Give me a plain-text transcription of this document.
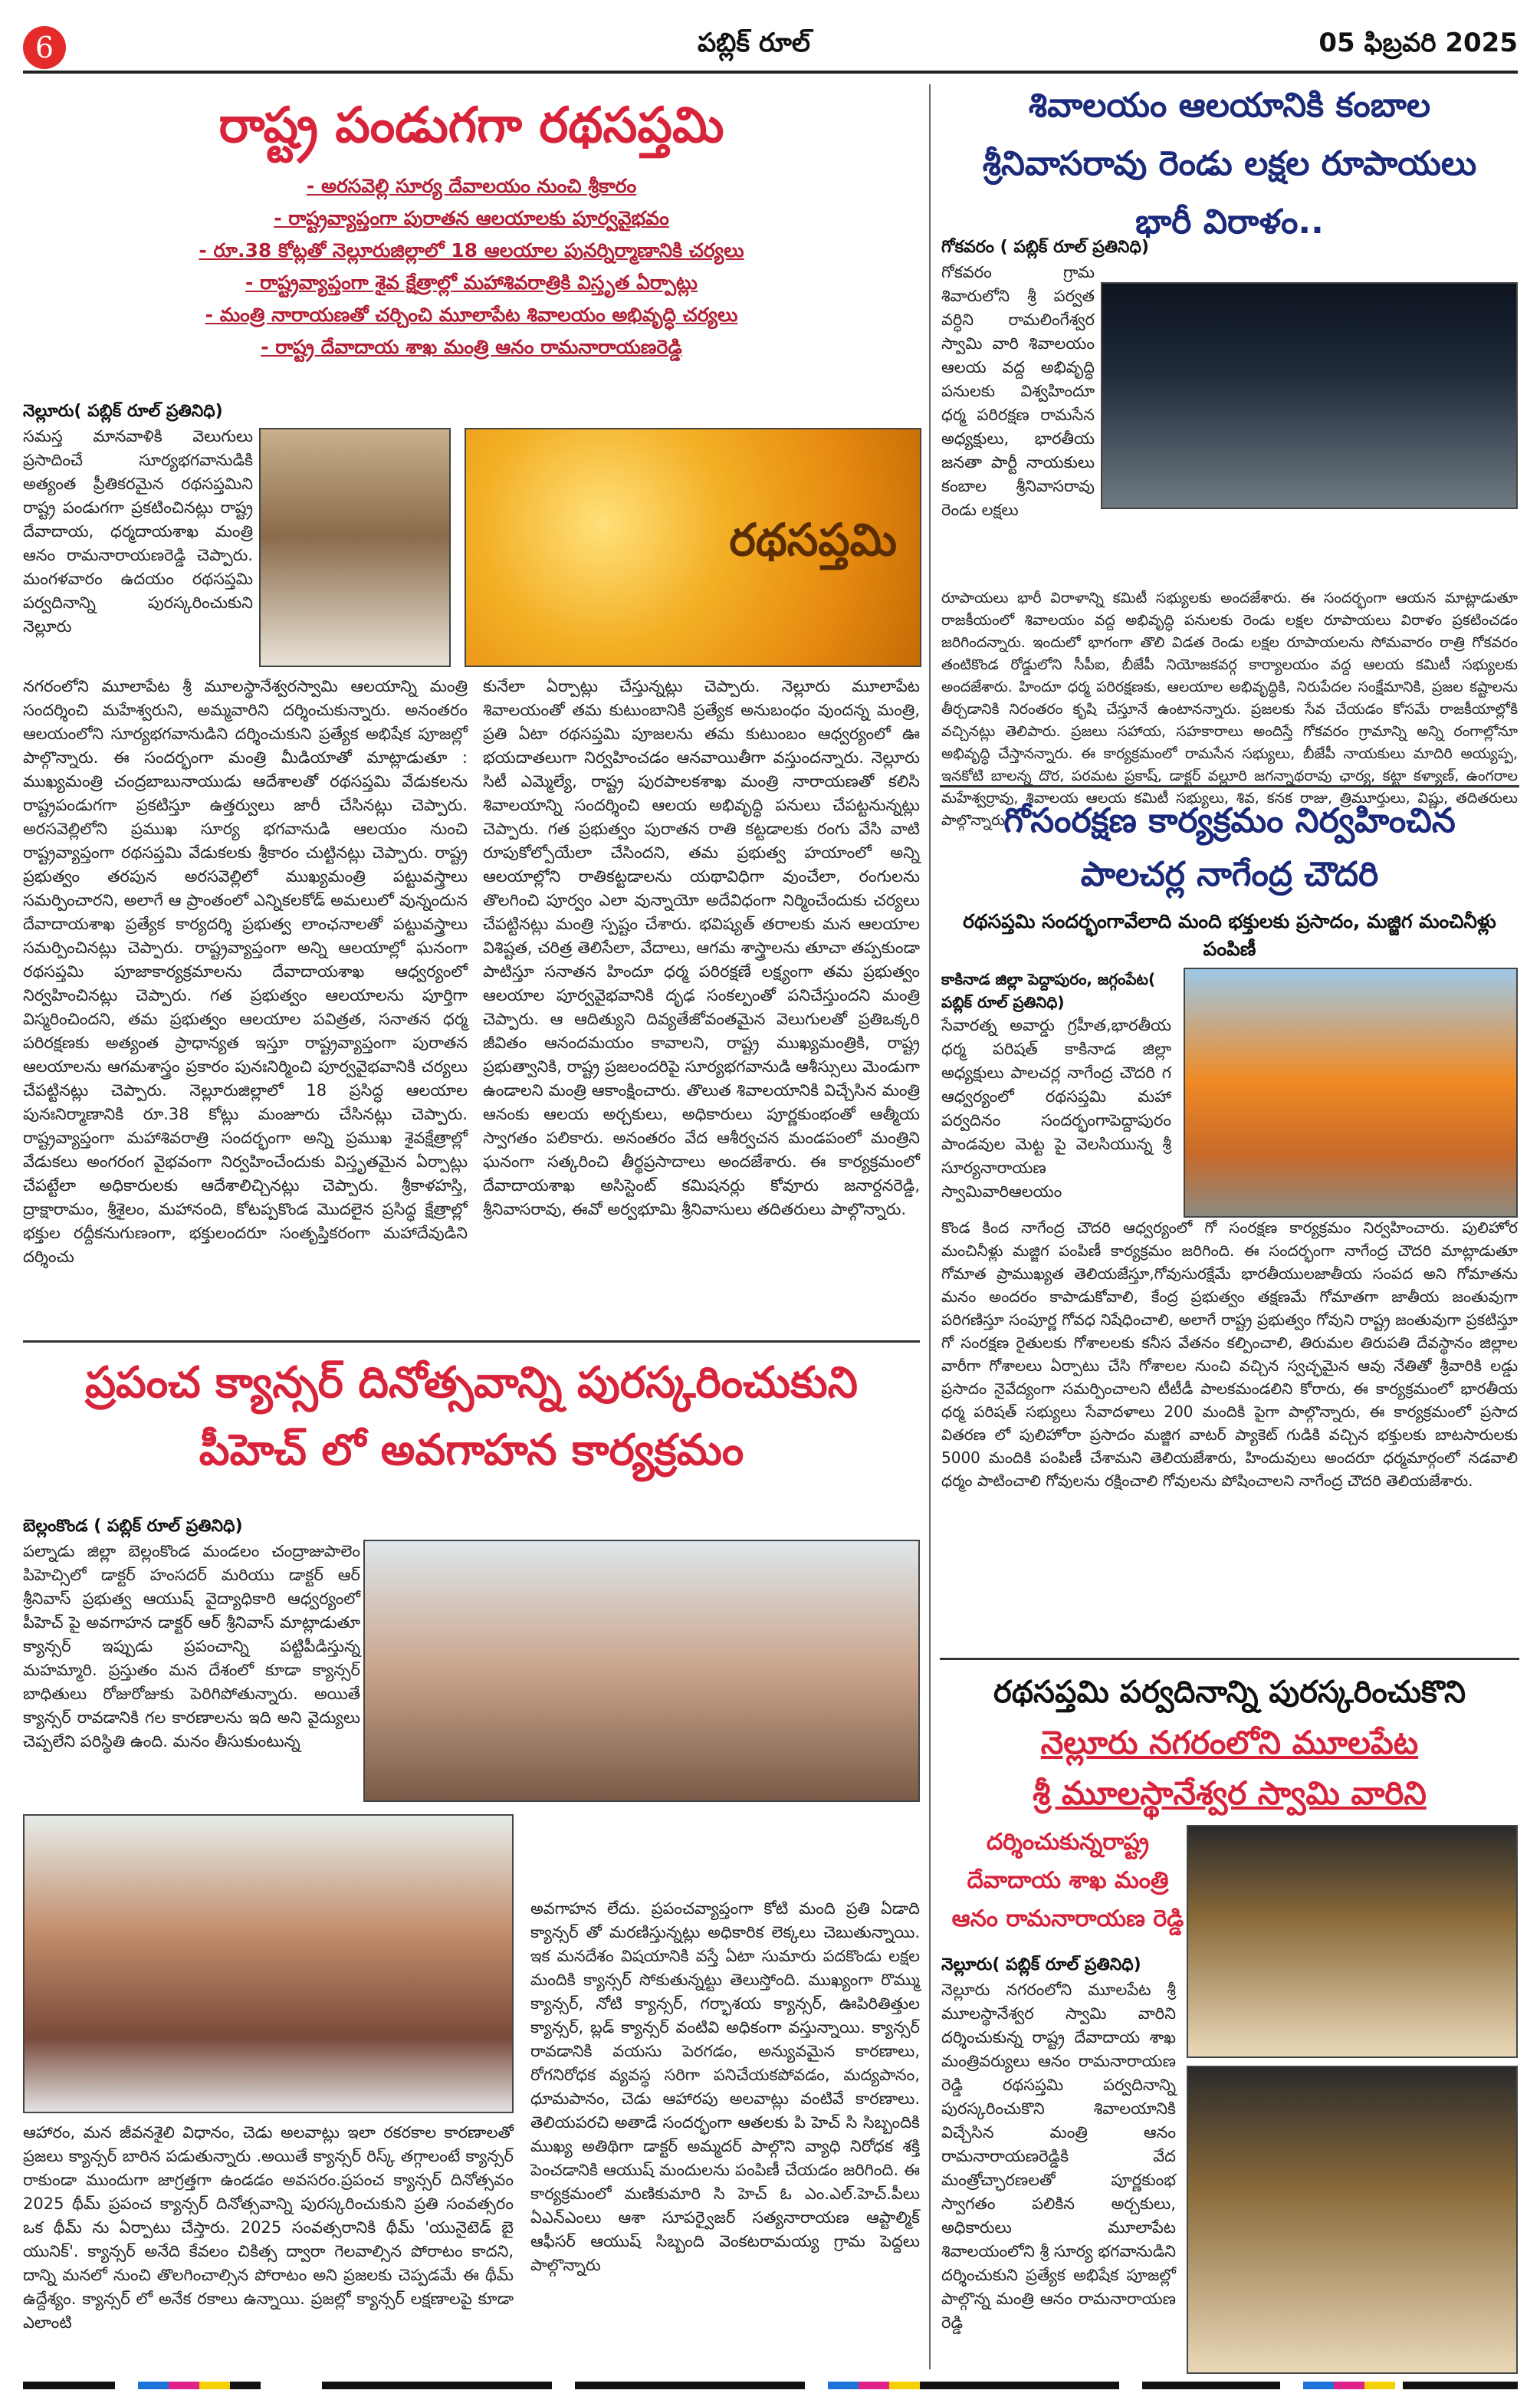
6	పబ్లిక్ రూల్	05 ఫిబ్రవరి 2025
రాష్ట్ర పండుగగా రథసప్తమి
- అరసవెల్లి సూర్య దేవాలయం నుంచి శ్రీకారం
- రాష్ట్రవ్యాప్తంగా పురాతన ఆలయాలకు పూర్వవైభవం
- రూ.38 కోట్లతో నెల్లూరుజిల్లాలో 18 ఆలయాల పునర్నిర్మాణానికి చర్యలు
- రాష్ట్రవ్యాప్తంగా శైవ క్షేత్రాల్లో మహాశివరాత్రికి విస్తృత ఏర్పాట్లు
- మంత్రి నారాయణతో చర్చించి మూలాపేట శివాలయం అభివృద్ధి చర్యలు
- రాష్ట్ర దేవాదాయ శాఖ మంత్రి ఆనం రామనారాయణరెడ్డి
నెల్లూరు( పబ్లిక్ రూల్ ప్రతినిధి)
సమస్త మానవాళికి వెలుగులు ప్రసాదించే సూర్యభగవానుడికి అత్యంత ప్రీతికరమైన రథసప్తమిని రాష్ట్ర పండుగగా ప్రకటించినట్లు రాష్ట్ర దేవాదాయ, ధర్మదాయశాఖ మంత్రి ఆనం రామనారాయణరెడ్డి చెప్పారు. మంగళవారం ఉదయం రథసప్తమి పర్వదినాన్ని పురస్కరించుకుని నెల్లూరు
నగరంలోని మూలాపేట శ్రీ మూలస్థానేశ్వరస్వామి ఆలయాన్ని మంత్రి సందర్శించి మహేశ్వరుని, అమ్మవారిని దర్శించుకున్నారు. అనంతరం ఆలయంలోని సూర్యభగవానుడిని దర్శించుకుని ప్రత్యేక అభిషేక పూజల్లో పాల్గొన్నారు. ఈ సందర్భంగా మంత్రి మీడియాతో మాట్లాడుతూ : ముఖ్యమంత్రి చంద్రబాబునాయుడు ఆదేశాలతో రథసప్తమి వేడుకలను రాష్ట్రపండుగగా ప్రకటిస్తూ ఉత్తర్వులు జారీ చేసినట్లు చెప్పారు. అరసవెల్లిలోని ప్రముఖ సూర్య భగవానుడి ఆలయం నుంచి రాష్ట్రవ్యాప్తంగా రథసప్తమి వేడుకలకు శ్రీకారం చుట్టినట్లు చెప్పారు. రాష్ట్ర ప్రభుత్వం తరపున అరసవెల్లిలో ముఖ్యమంత్రి పట్టువస్త్రాలు సమర్పించారని, అలాగే ఆ ప్రాంతంలో ఎన్నికలకోడ్ అమలులో వున్నందున దేవాదాయశాఖ ప్రత్యేక కార్యదర్శి ప్రభుత్వ లాంఛనాలతో పట్టువస్త్రాలు సమర్పించినట్లు చెప్పారు. రాష్ట్రవ్యాప్తంగా అన్ని ఆలయాల్లో ఘనంగా రథసప్తమి పూజాకార్యక్రమాలను దేవాదాయశాఖ ఆధ్వర్యంలో నిర్వహించినట్లు చెప్పారు. గత ప్రభుత్వం ఆలయాలను పూర్తిగా విస్మరించిందని, తమ ప్రభుత్వం ఆలయాల పవిత్రత, సనాతన ధర్మ పరిరక్షణకు అత్యంత ప్రాధాన్యత ఇస్తూ రాష్ట్రవ్యాప్తంగా పురాతన ఆలయాలను ఆగమశాస్త్రం ప్రకారం పునఃనిర్మించి పూర్వవైభవానికి చర్యలు చేపట్టినట్లు చెప్పారు. నెల్లూరుజిల్లాలో 18 ప్రసిద్ధ ఆలయాల పునఃనిర్మాణానికి రూ.38 కోట్లు మంజూరు చేసినట్లు చెప్పారు. రాష్ట్రవ్యాప్తంగా మహాశివరాత్రి సందర్భంగా అన్ని ప్రముఖ శైవక్షేత్రాల్లో వేడుకలు అంగరంగ వైభవంగా నిర్వహించేందుకు విస్తృతమైన ఏర్పాట్లు చేపట్టేలా అధికారులకు ఆదేశాలిచ్చినట్లు చెప్పారు. శ్రీకాళహస్తి, ద్రాక్షారామం, శ్రీశైలం, మహానంది, కోటప్పకొండ మొదలైన ప్రసిద్ధ క్షేత్రాల్లో భక్తుల రద్దీకనుగుణంగా, భక్తులందరూ సంతృప్తికరంగా మహాదేవుడిని దర్శించు
కునేలా ఏర్పాట్లు చేస్తున్నట్లు చెప్పారు. నెల్లూరు మూలాపేట శివాలయంతో తమ కుటుంబానికి ప్రత్యేక అనుబంధం వుందన్న మంత్రి, ప్రతి ఏటా రథసప్తమి పూజలను తమ కుటుంబం ఆధ్వర్యంలో ఊ భయదాతలుగా నిర్వహించడం ఆనవాయితీగా వస్తుందన్నారు. నెల్లూరు సిటీ ఎమ్మెల్యే, రాష్ట్ర పురపాలకశాఖ మంత్రి నారాయణతో కలిసి శివాలయాన్ని సందర్శించి ఆలయ అభివృద్ధి పనులు చేపట్టనున్నట్లు చెప్పారు. గత ప్రభుత్వం పురాతన రాతి కట్టడాలకు రంగు వేసి వాటి రూపుకోల్పోయేలా చేసిందని, తమ ప్రభుత్వ హయాంలో అన్ని ఆలయాల్లోని రాతికట్టడాలను యథావిధిగా వుంచేలా, రంగులను తొలగించి పూర్వం ఎలా వున్నాయో అదేవిధంగా నిర్మించేందుకు చర్యలు చేపట్టినట్లు మంత్రి స్పష్టం చేశారు. భవిష్యత్ తరాలకు మన ఆలయాల విశిష్టత, చరిత్ర తెలిసేలా, వేదాలు, ఆగమ శాస్త్రాలను తూచా తప్పకుండా పాటిస్తూ సనాతన హిందూ ధర్మ పరిరక్షణే లక్ష్యంగా తమ ప్రభుత్వం ఆలయాల పూర్వవైభవానికి దృఢ సంకల్పంతో పనిచేస్తుందని మంత్రి చెప్పారు. ఆ ఆదిత్యుని దివ్యతేజోవంతమైన వెలుగులతో ప్రతిఒక్కరి జీవితం ఆనందమయం కావాలని, రాష్ట్ర ముఖ్యమంత్రికి, రాష్ట్ర ప్రభుత్వానికి, రాష్ట్ర ప్రజలందరిపై సూర్యభగవానుడి ఆశీస్సులు మెండుగా ఉండాలని మంత్రి ఆకాంక్షించారు. తొలుత శివాలయానికి విచ్చేసిన మంత్రి ఆనంకు ఆలయ అర్చకులు, అధికారులు పూర్ణకుంభంతో ఆత్మీయ స్వాగతం పలికారు. అనంతరం వేద ఆశీర్వచన మండపంలో మంత్రిని ఘనంగా సత్కరించి తీర్థప్రసాదాలు అందజేశారు. ఈ కార్యక్రమంలో దేవాదాయశాఖ అసిస్టెంట్ కమిషనర్లు కోవూరు జనార్దనరెడ్డి, శ్రీనివాసరావు, ఈవో అర్వభూమి శ్రీనివాసులు తదితరులు పాల్గొన్నారు.
రథసప్తమి
శివాలయం ఆలయానికి కంబాల
శ్రీనివాసరావు రెండు లక్షల రూపాయలు
భారీ విరాళం..
గోకవరం ( పబ్లిక్ రూల్ ప్రతినిధి)
గోకవరం గ్రామ శివారులోని శ్రీ పర్వత వర్ధిని రామలింగేశ్వర స్వామి వారి శివాలయం ఆలయ వద్ద అభివృద్ధి పనులకు విశ్వహిందూ ధర్మ పరిరక్షణ రామసేన అధ్యక్షులు, భారతీయ జనతా పార్టీ నాయకులు కంబాల శ్రీనివాసరావు రెండు లక్షలు
రూపాయలు భారీ విరాళాన్ని కమిటీ సభ్యులకు అందజేశారు. ఈ సందర్భంగా ఆయన మాట్లాడుతూ రాజకీయంలో శివాలయం వద్ద అభివృద్ధి పనులకు రెండు లక్షల రూపాయలు విరాళం ప్రకటించడం జరిగిందన్నారు. ఇందులో భాగంగా తొలి విడత రెండు లక్షల రూపాయలను సోమవారం రాత్రి గోకవరం తంటికొండ రోడ్డులోని సీపీఐ, బీజేపీ నియోజకవర్గ కార్యాలయం వద్ద ఆలయ కమిటీ సభ్యులకు అందజేశారు. హిందూ ధర్మ పరిరక్షణకు, ఆలయాల అభివృద్ధికి, నిరుపేదల సంక్షేమానికి, ప్రజల కష్టాలను తీర్చడానికి నిరంతరం కృషి చేస్తూనే ఉంటానన్నారు. ప్రజలకు సేవ చేయడం కోసమే రాజకీయాల్లోకి వచ్చినట్లు తెలిపారు. ప్రజలు సహాయ, సహకారాలు అందిస్తే గోకవరం గ్రామాన్ని అన్ని రంగాల్లోనూ అభివృద్ధి చేస్తానన్నారు. ఈ కార్యక్రమంలో రామసేన సభ్యులు, బీజేపీ నాయకులు మాదిరి అయ్యప్ప, ఇనకోటి బాలన్న దొర, పరమట ప్రకాష్, డాక్టర్ వల్లూరి జగన్నాథరావు ఛార్య, కట్టా కళ్యాణ్, ఉంగరాల మహేశ్వర్రావు, శివాలయ ఆలయ కమిటీ సభ్యులు, శివ, కనక రాజు, త్రిమూర్తులు, విష్ణు, తదితరులు పాల్గొన్నారు.
గోసంరక్షణ కార్యక్రమం నిర్వహించిన
పాలచర్ల నాగేంద్ర చౌదరి
రథసప్తమి సందర్భంగావేలాది మంది భక్తులకు ప్రసాదం, మజ్జిగ మంచినీళ్లు పంపిణీ
కాకినాడ జిల్లా పెద్దాపురం, జగ్గంపేట( పబ్లిక్ రూల్ ప్రతినిధి)
సేవారత్న అవార్డు గ్రహీత,భారతీయ ధర్మ పరిషత్ కాకినాడ జిల్లా అధ్యక్షులు పాలచర్ల నాగేంద్ర చౌదరి గ ఆధ్వర్యంలో రథసప్తమి మహా పర్వదినం సందర్భంగాపెద్దాపురం పాండవుల మెట్ట పై వెలసియున్న శ్రీ సూర్యనారాయణ స్వామివారిఆలయం
కొండ కింద నాగేంద్ర చౌదరి ఆధ్వర్యంలో గో సంరక్షణ కార్యక్రమం నిర్వహించారు. పులిహోర మంచినీళ్లు మజ్జిగ పంపిణీ కార్యక్రమం జరిగింది. ఈ సందర్భంగా నాగేంద్ర చౌదరి మాట్లాడుతూ గోమాత ప్రాముఖ్యత తెలియజేస్తూ,గోవుసురక్షేమే భారతీయులజాతీయ సంపద అని గోమాతను మనం అందరం కాపాడుకోవాలి, కేంద్ర ప్రభుత్వం తక్షణమే గోమాతగా జాతీయ జంతువుగా పరిగణిస్తూ సంపూర్ణ గోవధ నిషేధించాలి, అలాగే రాష్ట్ర ప్రభుత్వం గోవుని రాష్ట్ర జంతువుగా ప్రకటిస్తూ గో సంరక్షణ రైతులకు గోశాలలకు కనీస వేతనం కల్పించాలి, తిరుమల తిరుపతి దేవస్థానం జిల్లాల వారీగా గోశాలలు ఏర్పాటు చేసి గోశాలల నుంచి వచ్చిన స్వచ్ఛమైన ఆవు నేతితో శ్రీవారికి లడ్డు ప్రసాదం నైవేద్యంగా సమర్పించాలని టీటీడీ పాలకమండలిని కోరారు, ఈ కార్యక్రమంలో భారతీయ ధర్మ పరిషత్ సభ్యులు సేవాదళాలు 200 మందికి పైగా పాల్గొన్నారు, ఈ కార్యక్రమంలో ప్రసాద వితరణ లో పులిహోరా ప్రసాదం మజ్జిగ వాటర్ ప్యాకెట్ గుడికి వచ్చిన భక్తులకు బాటసారులకు 5000 మందికి పంపిణీ చేశామని తెలియజేశారు, హిందువులు అందరూ ధర్మమార్గంలో నడవాలి ధర్మం పాటించాలి గోవులను రక్షించాలి గోవులను పోషించాలని నాగేంద్ర చౌదరి తెలియజేశారు.
ప్రపంచ క్యాన్సర్ దినోత్సవాన్ని పురస్కరించుకుని
పీహెచ్ లో అవగాహన కార్యక్రమం
బెల్లంకొండ ( పబ్లిక్ రూల్ ప్రతినిధి)
పల్నాడు జిల్లా బెల్లంకొండ మండలం చంద్రాజుపాలెం పిహెచ్సిలో డాక్టర్ హంసదర్ మరియు డాక్టర్ ఆర్ శ్రీనివాస్ ప్రభుత్వ ఆయుష్ వైద్యాధికారి ఆధ్వర్యంలో పీహెచ్ పై అవగాహన డాక్టర్ ఆర్ శ్రీనివాస్ మాట్లాడుతూ క్యాన్సర్ ఇప్పుడు ప్రపంచాన్ని పట్టిపీడిస్తున్న మహమ్మారి. ప్రస్తుతం మన దేశంలో కూడా క్యాన్సర్ బాధితులు రోజురోజుకు పెరిగిపోతున్నారు. అయితే క్యాన్సర్ రావడానికి గల కారణాలను ఇది అని వైద్యులు చెప్పలేని పరిస్థితి ఉంది. మనం తీసుకుంటున్న
ఆహారం, మన జీవనశైలి విధానం, చెడు అలవాట్లు ఇలా రకరకాల కారణాలతో ప్రజలు క్యాన్సర్ బారిన పడుతున్నారు .అయితే క్యాన్సర్ రిస్క్ తగ్గాలంటే క్యాన్సర్ రాకుండా ముందుగా జాగ్రత్తగా ఉండడం అవసరం.ప్రపంచ క్యాన్సర్ దినోత్సవం 2025 థీమ్ ప్రపంచ క్యాన్సర్ దినోత్సవాన్ని పురస్కరించుకుని ప్రతి సంవత్సరం ఒక థీమ్ ను ఏర్పాటు చేస్తారు. 2025 సంవత్సరానికి థీమ్ 'యునైటెడ్ బై యునిక్'. క్యాన్సర్ అనేది కేవలం చికిత్స ద్వారా గెలవాల్సిన పోరాటం కాదని, దాన్ని మనలో నుంచి తొలగించాల్సిన పోరాటం అని ప్రజలకు చెప్పడమే ఈ థీమ్ ఉద్దేశ్యం. క్యాన్సర్ లో అనేక రకాలు ఉన్నాయి. ప్రజల్లో క్యాన్సర్ లక్షణాలపై కూడా ఎలాంటి
అవగాహన లేదు. ప్రపంచవ్యాప్తంగా కోటి మంది ప్రతి ఏడాది క్యాన్సర్ తో మరణిస్తున్నట్లు అధికారిక లెక్కలు చెబుతున్నాయి. ఇక మనదేశం విషయానికి వస్తే ఏటా సుమారు పదకొండు లక్షల మందికి క్యాన్సర్ సోకుతున్నట్టు తెలుస్తోంది. ముఖ్యంగా రొమ్ము క్యాన్సర్, నోటి క్యాన్సర్, గర్భాశయ క్యాన్సర్, ఊపిరితిత్తుల క్యాన్సర్, బ్లడ్ క్యాన్సర్ వంటివి అధికంగా వస్తున్నాయి. క్యాన్సర్ రావడానికి వయసు పెరగడం, అన్యువమైన కారణాలు, రోగనిరోధక వ్యవస్థ సరిగా పనిచేయకపోవడం, మద్యపానం, ధూమపానం, చెడు ఆహారపు అలవాట్లు వంటివే కారణాలు. తెలియపరచి అతాడే సందర్భంగా ఆతలకు పి హెచ్ సి సిబ్బందికి ముఖ్య అతిథిగా డాక్టర్ అమ్మదర్ పాల్గొని వ్యాధి నిరోధక శక్తి పెంచడానికి ఆయుష్ మందులను పంపిణీ చేయడం జరిగింది. ఈ కార్యక్రమంలో మణికుమారి సి హెచ్ ఓ ఎం.ఎల్.హెచ్.పీలు ఏఎన్ఎంలు ఆశా సూపర్వైజర్ సత్యనారాయణ ఆప్టాల్మిక్ ఆఫీసర్ ఆయుష్ సిబ్బంది వెంకటరామయ్య గ్రామ పెద్దలు పాల్గొన్నారు
రథసప్తమి పర్వదినాన్ని పురస్కరించుకొని
నెల్లూరు నగరంలోని మూలపేట
శ్రీ మూలస్థానేశ్వర స్వామి వారిని
దర్శించుకున్నరాష్ట్ర
దేవాదాయ శాఖ మంత్రి
ఆనం రామనారాయణ రెడ్డి
నెల్లూరు( పబ్లిక్ రూల్ ప్రతినిధి)
నెల్లూరు నగరంలోని మూలపేట శ్రీ మూలస్థానేశ్వర స్వామి వారిని దర్శించుకున్న రాష్ట్ర దేవాదాయ శాఖ మంత్రివర్యులు ఆనం రామనారాయణ రెడ్డి రథసప్తమి పర్వదినాన్ని పురస్కరించుకొని శివాలయానికి విచ్చేసిన మంత్రి ఆనం రామనారాయణరెడ్డికి వేద మంత్రోచ్ఛారణలతో పూర్ణకుంభ స్వాగతం పలికిన అర్చకులు, అధికారులు మూలాపేట శివాలయంలోని శ్రీ సూర్య భగవానుడిని దర్శించుకుని ప్రత్యేక అభిషేక పూజల్లో పాల్గొన్న మంత్రి ఆనం రామనారాయణ రెడ్డి
